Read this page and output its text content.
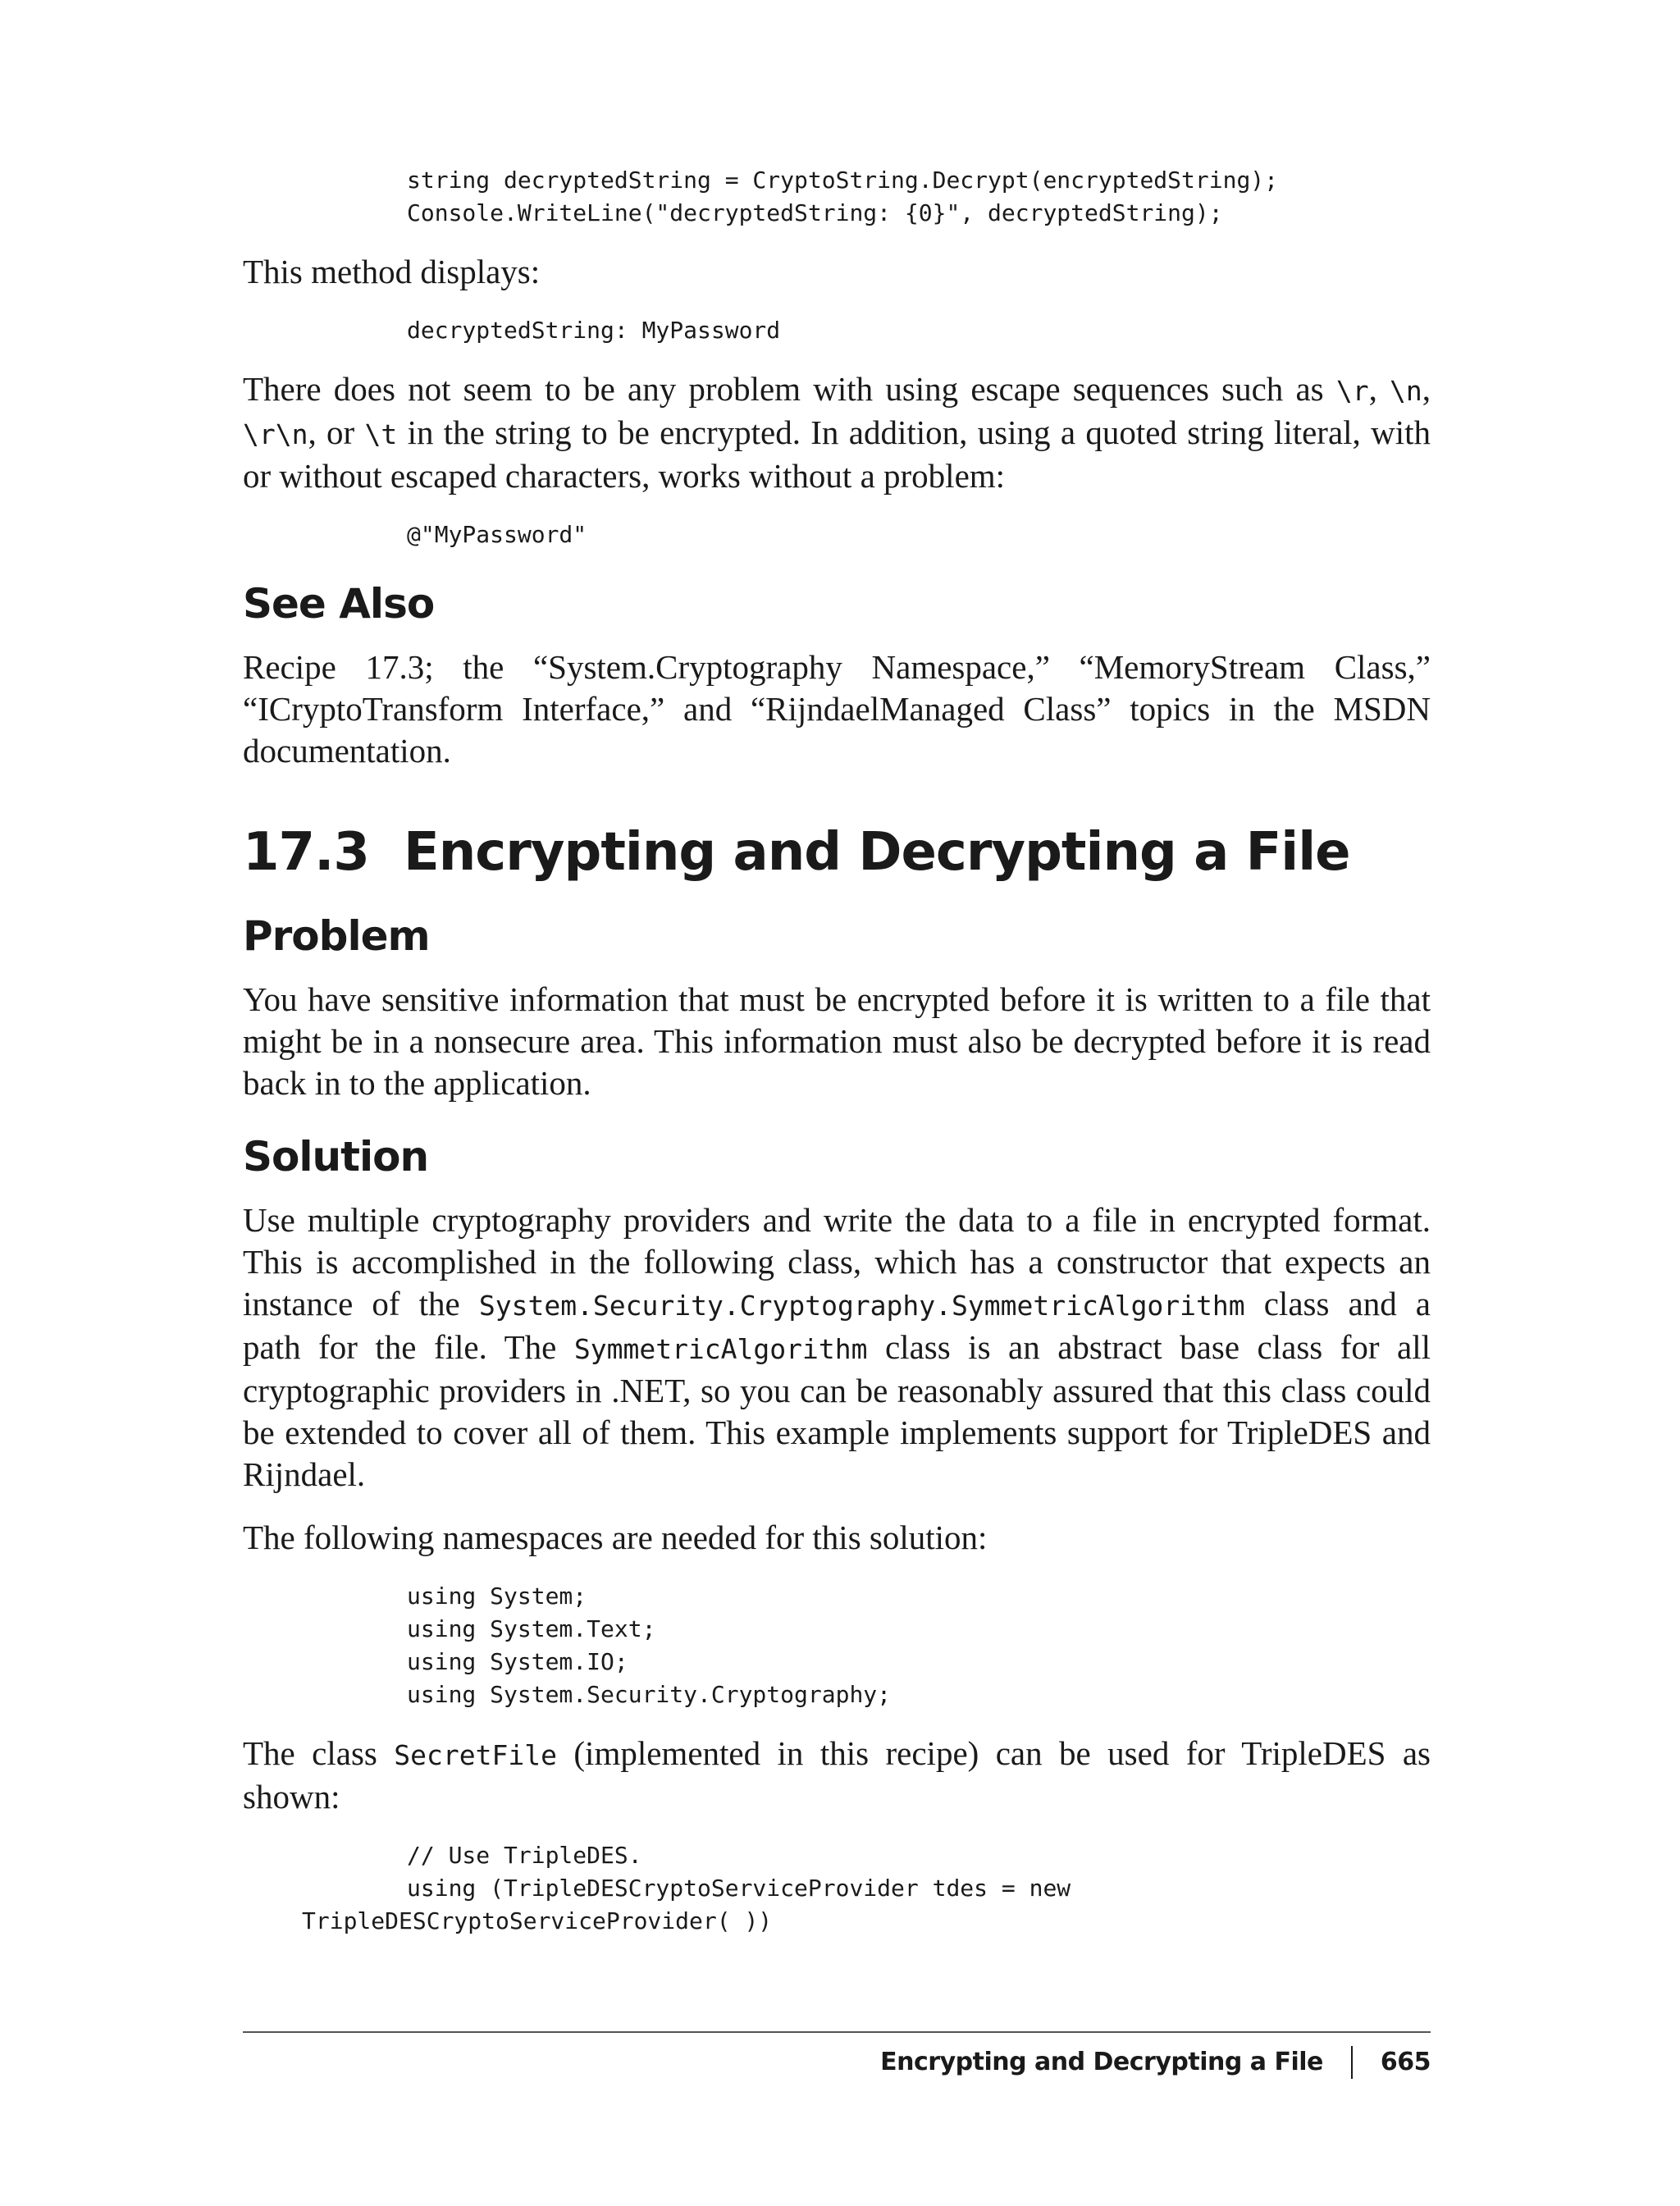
string decryptedString = CryptoString.Decrypt(encryptedString);
Console.WriteLine("decryptedString: {0}", decryptedString);

This method displays:

decryptedString: MyPassword

There does not seem to be any problem with using escape sequences such as \r, \n, \r\n, or \t in the string to be encrypted. In addition, using a quoted string literal, with or without escaped characters, works without a problem:

@"MyPassword"
See Also

Recipe 17.3; the “System.Cryptography Namespace,” “MemoryStream Class,” “ICryptoTransform Interface,” and “RijndaelManaged Class” topics in the MSDN documentation.

17.3 Encrypting and Decrypting a File
Problem

You have sensitive information that must be encrypted before it is written to a file that might be in a nonsecure area. This information must also be decrypted before it is read back in to the application.

Solution

Use multiple cryptography providers and write the data to a file in encrypted format. This is accomplished in the following class, which has a constructor that expects an instance of the System.Security.Cryptography.SymmetricAlgorithm class and a path for the file. The SymmetricAlgorithm class is an abstract base class for all cryptographic providers in .NET, so you can be reasonably assured that this class could be extended to cover all of them. This example implements support for TripleDES and Rijndael.

The following namespaces are needed for this solution:

using System;
using System.Text;
using System.IO;
using System.Security.Cryptography;

The class SecretFile (implemented in this recipe) can be used for TripleDES as shown:

// Use TripleDES.
using (TripleDESCryptoServiceProvider tdes = new
TripleDESCryptoServiceProvider( ))
Encrypting and Decrypting a File 665
